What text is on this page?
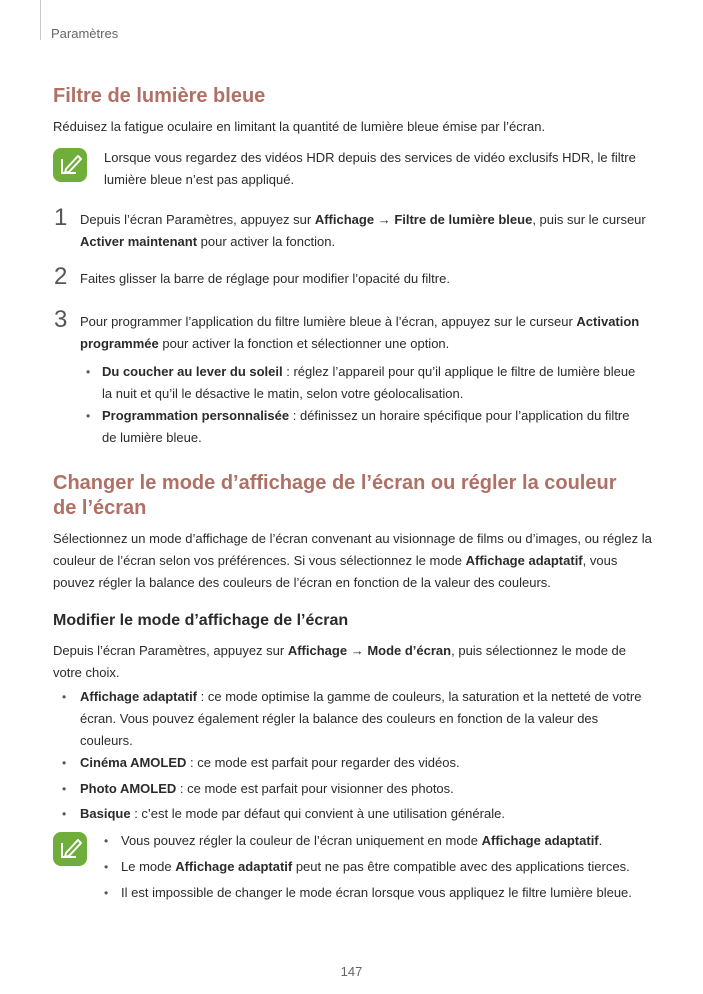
Paramètres
Filtre de lumière bleue
Réduisez la fatigue oculaire en limitant la quantité de lumière bleue émise par l’écran.
Lorsque vous regardez des vidéos HDR depuis des services de vidéo exclusifs HDR, le filtre lumière bleue n’est pas appliqué.
1 Depuis l’écran Paramètres, appuyez sur Affichage → Filtre de lumière bleue, puis sur le curseur Activer maintenant pour activer la fonction.
2 Faites glisser la barre de réglage pour modifier l’opacité du filtre.
3 Pour programmer l’application du filtre lumière bleue à l’écran, appuyez sur le curseur Activation programmée pour activer la fonction et sélectionner une option.
• Du coucher au lever du soleil : réglez l’appareil pour qu’il applique le filtre de lumière bleue la nuit et qu’il le désactive le matin, selon votre géolocalisation.
• Programmation personnalisée : définissez un horaire spécifique pour l’application du filtre de lumière bleue.
Changer le mode d’affichage de l’écran ou régler la couleur de l’écran
Sélectionnez un mode d’affichage de l’écran convenant au visionnage de films ou d’images, ou réglez la couleur de l’écran selon vos préférences. Si vous sélectionnez le mode Affichage adaptatif, vous pouvez régler la balance des couleurs de l’écran en fonction de la valeur des couleurs.
Modifier le mode d’affichage de l’écran
Depuis l’écran Paramètres, appuyez sur Affichage → Mode d’écran, puis sélectionnez le mode de votre choix.
• Affichage adaptatif : ce mode optimise la gamme de couleurs, la saturation et la netteté de votre écran. Vous pouvez également régler la balance des couleurs en fonction de la valeur des couleurs.
• Cinéma AMOLED : ce mode est parfait pour regarder des vidéos.
• Photo AMOLED : ce mode est parfait pour visionner des photos.
• Basique : c’est le mode par défaut qui convient à une utilisation générale.
• Vous pouvez régler la couleur de l’écran uniquement en mode Affichage adaptatif.
• Le mode Affichage adaptatif peut ne pas être compatible avec des applications tierces.
• Il est impossible de changer le mode écran lorsque vous appliquez le filtre lumière bleue.
147
